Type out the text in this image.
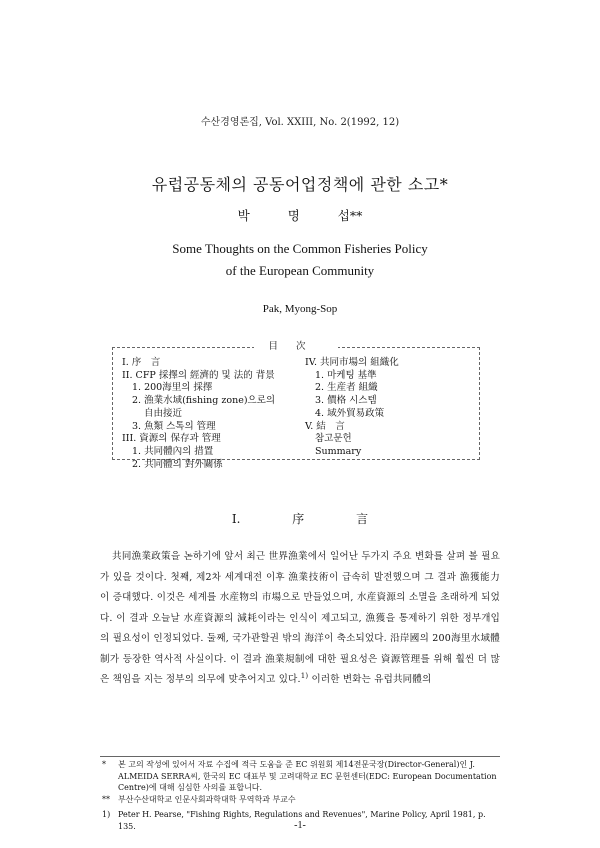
수산경영론집, Vol. XXIII, No. 2(1992, 12)
유럽공동체의 공동어업정책에 관한 소고*
박 명 섭**
Some Thoughts on the Common Fisheries Policy
of the European Community
Pak, Myong-Sop
目次
I. 序　言
II. CFP 採擇의 經濟的 및 法的 背景
1. 200海里의 採擇
2. 漁業水域(fishing zone)으로의
自由接近
3. 魚類 스톡의 管理
III. 資源의 保存과 管理
1. 共同體內의 措置
2. 共同體의 對外關係
IV. 共同市場의 組織化
1. 마케팅 基準
2. 生産者 組織
3. 價格 시스템
4. 域外貿易政策
V. 結　言
참고문헌
Summary
I. 序 言
共同漁業政策을 논하기에 앞서 최근 世界漁業에서 일어난 두가지 주요 변화를 살펴 볼 필요가 있을 것이다. 첫째, 제2차 세계대전 이후 漁業技術이 급속히 발전했으며 그 결과 漁獲能力이 증대했다. 이것은 세계를 水産物의 市場으로 만들었으며, 水産資源의 소멸을 초래하게 되었다. 이 결과 오늘날 水産資源의 減耗이라는 인식이 제고되고, 漁獲을 통제하기 위한 정부개입의 필요성이 인정되었다. 둘째, 국가관할권 밖의 海洋이 축소되었다. 沿岸國의 200海里水域體制가 등장한 역사적 사실이다. 이 결과 漁業規制에 대한 필요성은 資源管理를 위해 훨씬 더 많은 책임을 지는 정부의 의무에 맞추어지고 있다.$^{1)}$ 이러한 변화는 유럽共同體의
* 본 고의 작성에 있어서 자료 수집에 적극 도움을 준 EC 위원회 제14전문국장(Director-General)인 J. ALMEIDA SERRA씨, 한국의 EC 대표부 및 고려대학교 EC 문헌센터(EDC: European Documentation Centre)에 대해 심심한 사의를 표합니다.
** 부산수산대학교 인문사회과학대학 무역학과 부교수
1) Peter H. Pearse, "Fishing Rights, Regulations and Revenues", Marine Policy, April 1981, p. 135.	-1-
